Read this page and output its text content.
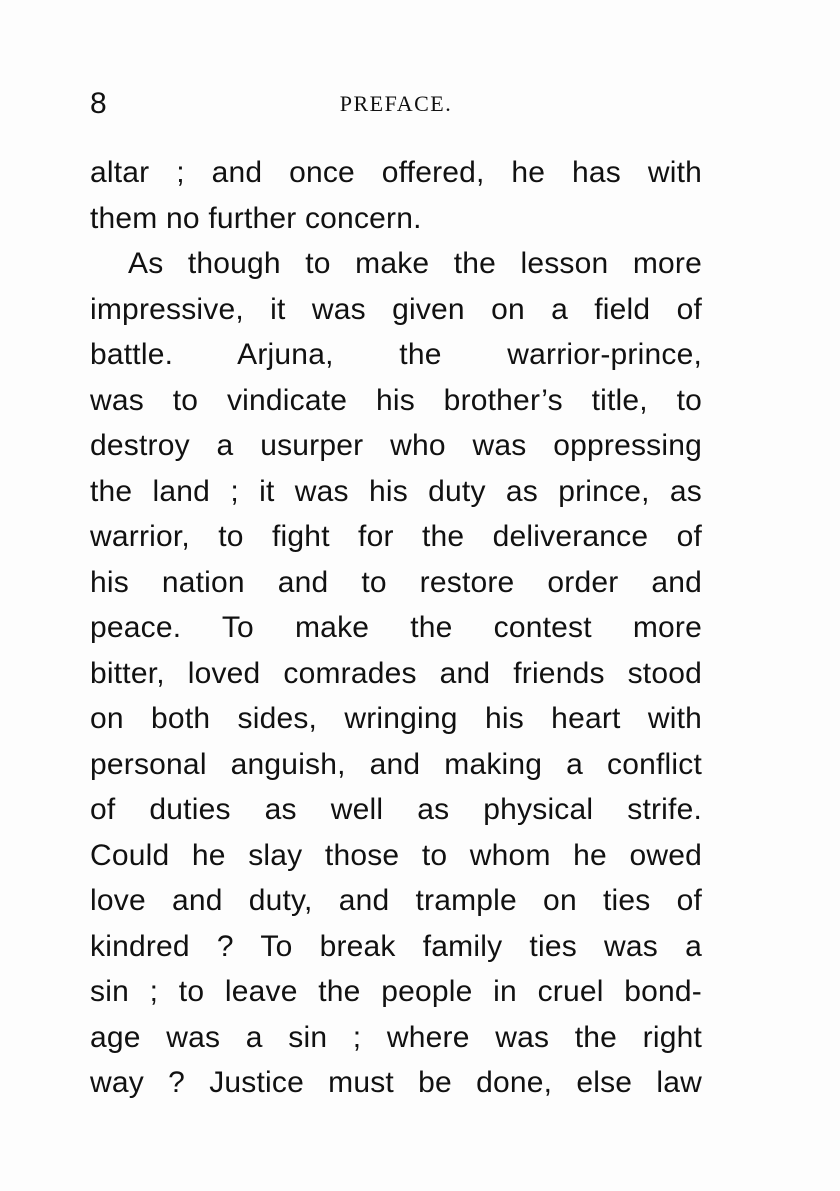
8	PREFACE.
altar ; and once offered, he has with
them no further concern.
As though to make the lesson more
impressive, it was given on a field of
battle. Arjuna, the warrior-prince,
was to vindicate his brother’s title, to
destroy a usurper who was oppressing
the land ; it was his duty as prince, as
warrior, to fight for the deliverance of
his nation and to restore order and
peace. To make the contest more
bitter, loved comrades and friends stood
on both sides, wringing his heart with
personal anguish, and making a conflict
of duties as well as physical strife.
Could he slay those to whom he owed
love and duty, and trample on ties of
kindred ? To break family ties was a
sin ; to leave the people in cruel bond-
age was a sin ; where was the right
way ? Justice must be done, else law
